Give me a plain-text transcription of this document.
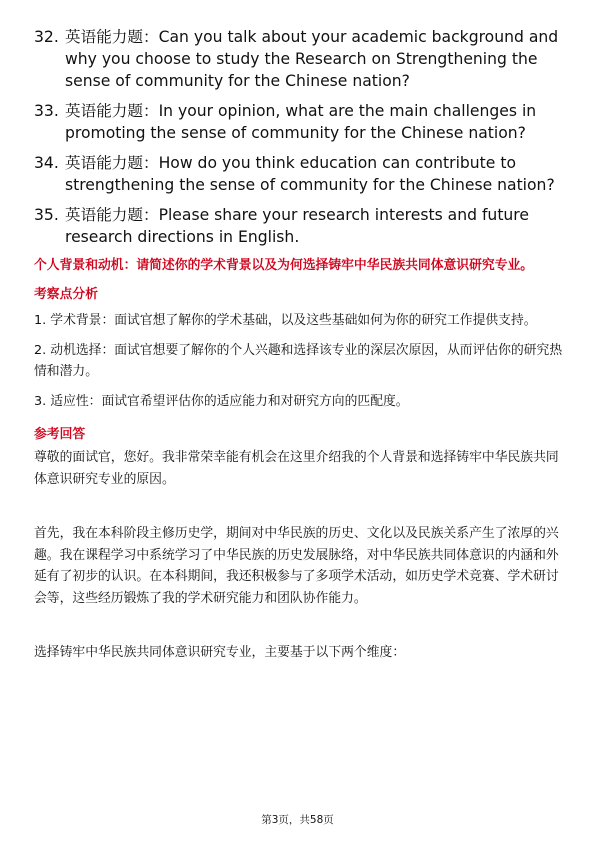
32. 英语能力题：Can you talk about your academic background and why you choose to study the Research on Strengthening the sense of community for the Chinese nation?
33. 英语能力题：In your opinion, what are the main challenges in promoting the sense of community for the Chinese nation?
34. 英语能力题：How do you think education can contribute to strengthening the sense of community for the Chinese nation?
35. 英语能力题：Please share your research interests and future research directions in English.
个人背景和动机：请简述你的学术背景以及为何选择铸牢中华民族共同体意识研究专业。
考察点分析

1. 学术背景：面试官想了解你的学术基础，以及这些基础如何为你的研究工作提供支持。

2. 动机选择：面试官想要了解你的个人兴趣和选择该专业的深层次原因，从而评估你的研究热情和潜力。

3. 适应性：面试官希望评估你的适应能力和对研究方向的匹配度。

参考回答

尊敬的面试官，您好。我非常荣幸能有机会在这里介绍我的个人背景和选择铸牢中华民族共同体意识研究专业的原因。

首先，我在本科阶段主修历史学，期间对中华民族的历史、文化以及民族关系产生了浓厚的兴趣。我在课程学习中系统学习了中华民族的历史发展脉络，对中华民族共同体意识的内涵和外延有了初步的认识。在本科期间，我还积极参与了多项学术活动，如历史学术竞赛、学术研讨会等，这些经历锻炼了我的学术研究能力和团队协作能力。

选择铸牢中华民族共同体意识研究专业，主要基于以下两个维度：

第3页，共58页
